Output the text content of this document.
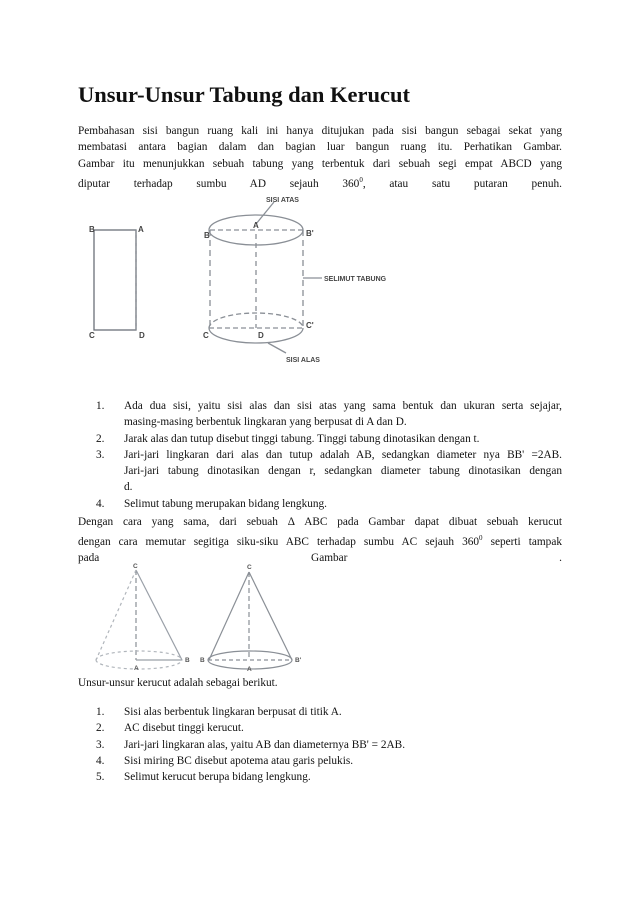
Unsur-Unsur Tabung dan Kerucut
Pembahasan sisi bangun ruang kali ini hanya ditujukan pada sisi bangun sebagai sekat yang
membatasi antara bagian dalam dan bagian luar bangun ruang itu. Perhatikan Gambar.
Gambar itu menunjukkan sebuah tabung yang terbentuk dari sebuah segi empat ABCD yang
diputar terhadap sumbu AD sejauh $360^0$, atau satu putaran penuh.
B	A
C	D
B
A
B'
C	D
C'
SISI ATAS
SELIMUT TABUNG
SISI ALAS
1. Ada dua sisi, yaitu sisi alas dan sisi atas yang sama bentuk dan ukuran serta sejajar,
masing-masing berbentuk lingkaran yang berpusat di A dan D.
2. Jarak alas dan tutup disebut tinggi tabung. Tinggi tabung dinotasikan dengan t.
3. Jari-jari lingkaran dari alas dan tutup adalah AB, sedangkan diameter nya BB' =2AB.
Jari-jari tabung dinotasikan dengan r, sedangkan diameter tabung dinotasikan dengan
d.
4. Selimut tabung merupakan bidang lengkung.
Dengan cara yang sama, dari sebuah Δ ABC pada Gambar dapat dibuat sebuah kerucut
dengan cara memutar segitiga siku-siku ABC terhadap sumbu AC sejauh $360^0$ seperti tampak
pada	Gambar	.
C
A
B
C
A
B	B'
Unsur-unsur kerucut adalah sebagai berikut.
1. Sisi alas berbentuk lingkaran berpusat di titik A.
2. AC disebut tinggi kerucut.
3. Jari-jari lingkaran alas, yaitu AB dan diameternya BB' = 2AB.
4. Sisi miring BC disebut apotema atau garis pelukis.
5. Selimut kerucut berupa bidang lengkung.
